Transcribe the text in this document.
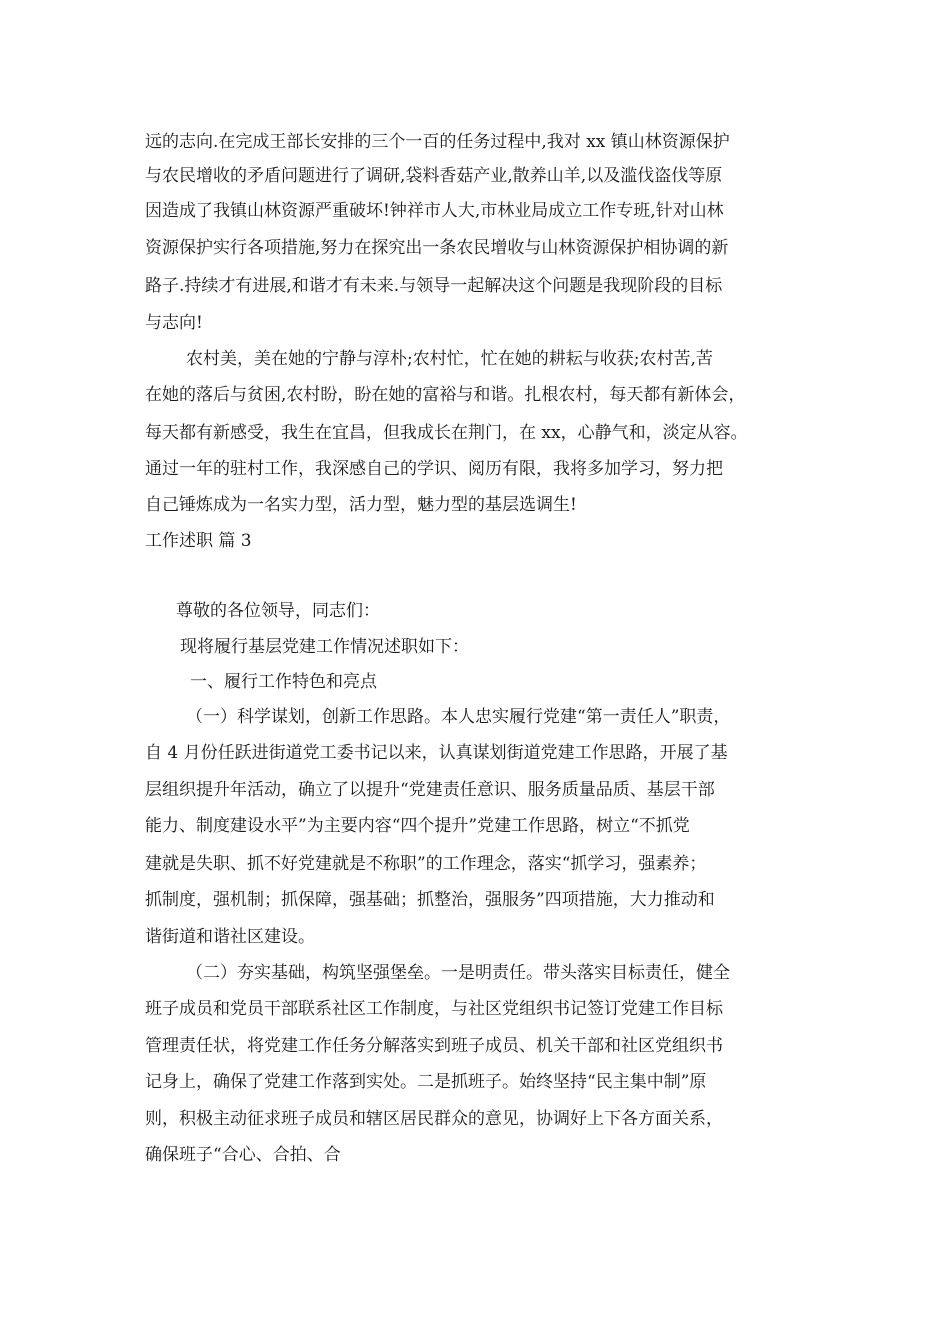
远的志向.在完成王部长安排的三个一百的任务过程中,我对 xx 镇山林资源保护
与农民增收的矛盾问题进行了调研,袋料香菇产业,散养山羊,以及滥伐盗伐等原
因造成了我镇山林资源严重破坏!钟祥市人大,市林业局成立工作专班,针对山林
资源保护实行各项措施,努力在探究出一条农民增收与山林资源保护相协调的新
路子.持续才有进展,和谐才有未来.与领导一起解决这个问题是我现阶段的目标
与志向!
农村美，美在她的宁静与淳朴;农村忙，忙在她的耕耘与收获;农村苦,苦
在她的落后与贫困,农村盼，盼在她的富裕与和谐。扎根农村，每天都有新体会，
每天都有新感受，我生在宜昌，但我成长在荆门，在 xx，心静气和，淡定从容。
通过一年的驻村工作，我深感自己的学识、阅历有限，我将多加学习，努力把
自己锤炼成为一名实力型，活力型，魅力型的基层选调生!
工作述职 篇 3
尊敬的各位领导，同志们：
现将履行基层党建工作情况述职如下：
一、履行工作特色和亮点
（一）科学谋划，创新工作思路。本人忠实履行党建“第一责任人”职责，
自 4 月份任跃进街道党工委书记以来，认真谋划街道党建工作思路，开展了基
层组织提升年活动，确立了以提升“党建责任意识、服务质量品质、基层干部
能力、制度建设水平”为主要内容“四个提升”党建工作思路，树立“不抓党
建就是失职、抓不好党建就是不称职”的工作理念，落实“抓学习，强素养；
抓制度，强机制；抓保障，强基础；抓整治，强服务”四项措施，大力推动和
谐街道和谐社区建设。
（二）夯实基础，构筑坚强堡垒。一是明责任。带头落实目标责任，健全
班子成员和党员干部联系社区工作制度，与社区党组织书记签订党建工作目标
管理责任状，将党建工作任务分解落实到班子成员、机关干部和社区党组织书
记身上，确保了党建工作落到实处。二是抓班子。始终坚持“民主集中制”原
则，积极主动征求班子成员和辖区居民群众的意见，协调好上下各方面关系，
确保班子“合心、合拍、合
